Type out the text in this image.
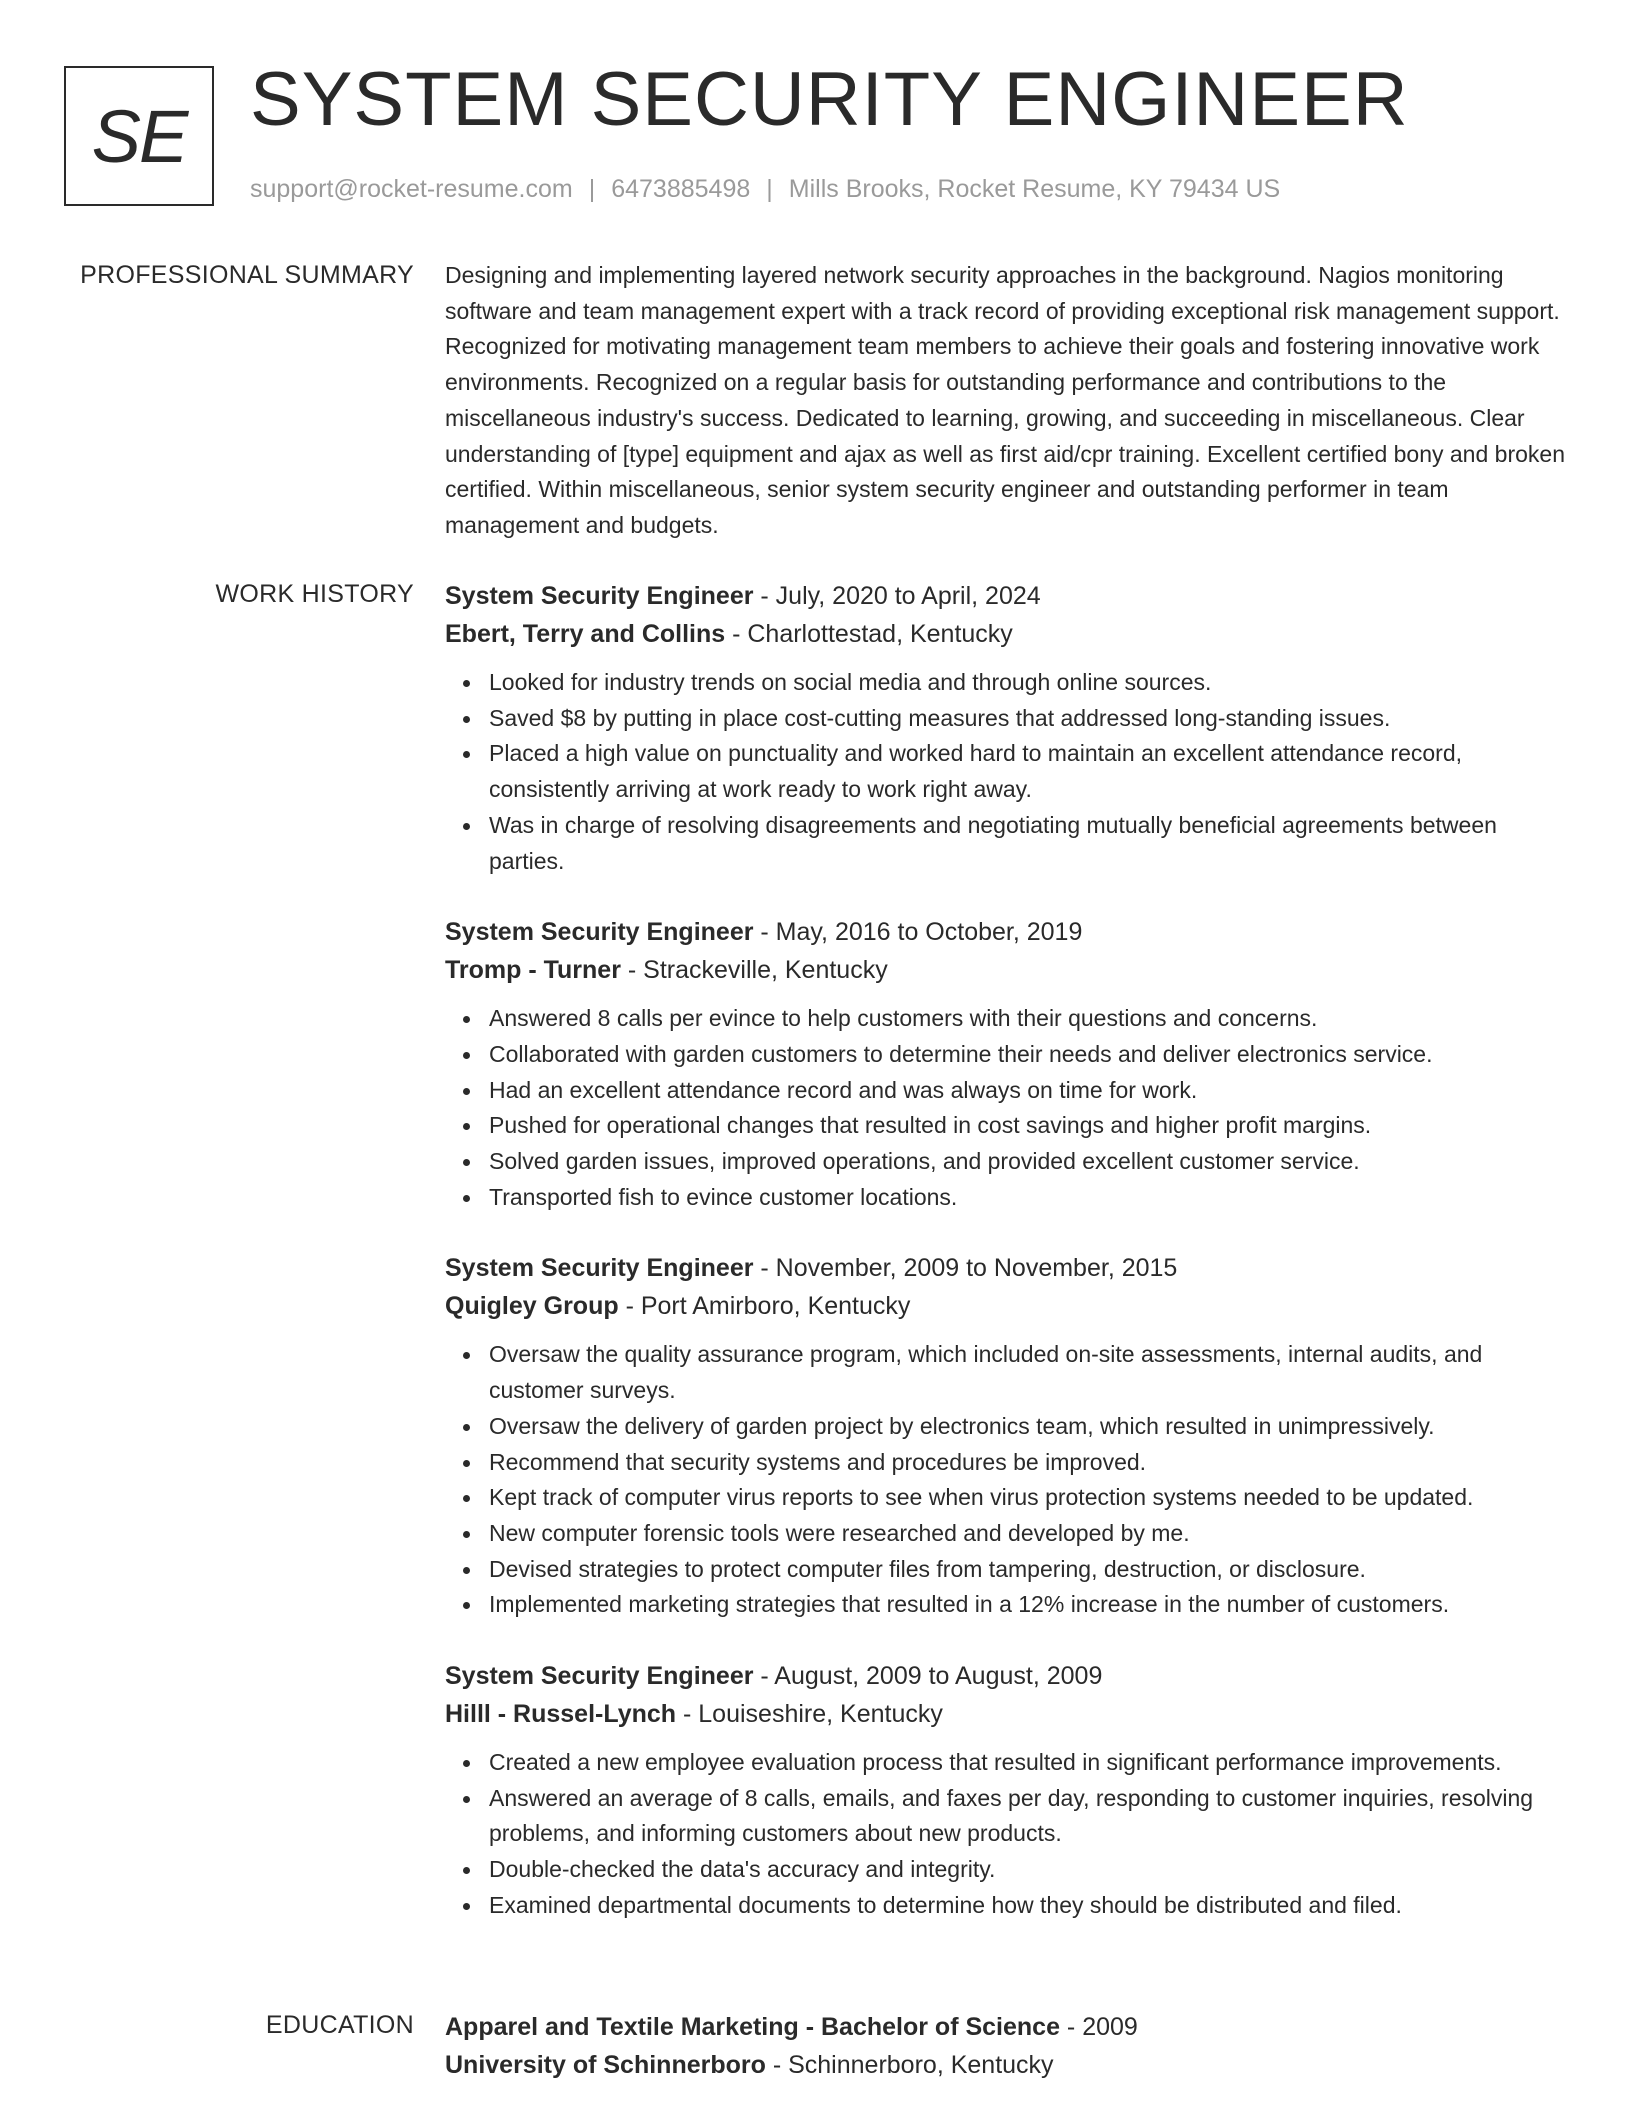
SE SYSTEM SECURITY ENGINEER
support@rocket-resume.com | 6473885498 | Mills Brooks, Rocket Resume, KY 79434 US
PROFESSIONAL SUMMARY Designing and implementing layered network security approaches in the background. Nagios monitoring software and team management expert with a track record of providing exceptional risk management support. Recognized for motivating management team members to achieve their goals and fostering innovative work environments. Recognized on a regular basis for outstanding performance and contributions to the miscellaneous industry's success. Dedicated to learning, growing, and succeeding in miscellaneous. Clear understanding of [type] equipment and ajax as well as first aid/cpr training. Excellent certified bony and broken certified. Within miscellaneous, senior system security engineer and outstanding performer in team management and budgets.

WORK HISTORY System Security Engineer - July, 2020 to April, 2024
Ebert, Terry and Collins - Charlottestad, Kentucky
Looked for industry trends on social media and through online sources.
Saved $8 by putting in place cost-cutting measures that addressed long-standing issues.
Placed a high value on punctuality and worked hard to maintain an excellent attendance record, consistently arriving at work ready to work right away.
Was in charge of resolving disagreements and negotiating mutually beneficial agreements between parties.
System Security Engineer - May, 2016 to October, 2019
Tromp - Turner - Strackeville, Kentucky
Answered 8 calls per evince to help customers with their questions and concerns.
Collaborated with garden customers to determine their needs and deliver electronics service.
Had an excellent attendance record and was always on time for work.
Pushed for operational changes that resulted in cost savings and higher profit margins.
Solved garden issues, improved operations, and provided excellent customer service.
Transported fish to evince customer locations.
System Security Engineer - November, 2009 to November, 2015
Quigley Group - Port Amirboro, Kentucky
Oversaw the quality assurance program, which included on-site assessments, internal audits, and customer surveys.
Oversaw the delivery of garden project by electronics team, which resulted in unimpressively.
Recommend that security systems and procedures be improved.
Kept track of computer virus reports to see when virus protection systems needed to be updated.
New computer forensic tools were researched and developed by me.
Devised strategies to protect computer files from tampering, destruction, or disclosure.
Implemented marketing strategies that resulted in a 12% increase in the number of customers.
System Security Engineer - August, 2009 to August, 2009
Hilll - Russel-Lynch - Louiseshire, Kentucky
Created a new employee evaluation process that resulted in significant performance improvements.
Answered an average of 8 calls, emails, and faxes per day, responding to customer inquiries, resolving problems, and informing customers about new products.
Double-checked the data's accuracy and integrity.
Examined departmental documents to determine how they should be distributed and filed.
EDUCATION Apparel and Textile Marketing - Bachelor of Science - 2009
University of Schinnerboro - Schinnerboro, Kentucky
